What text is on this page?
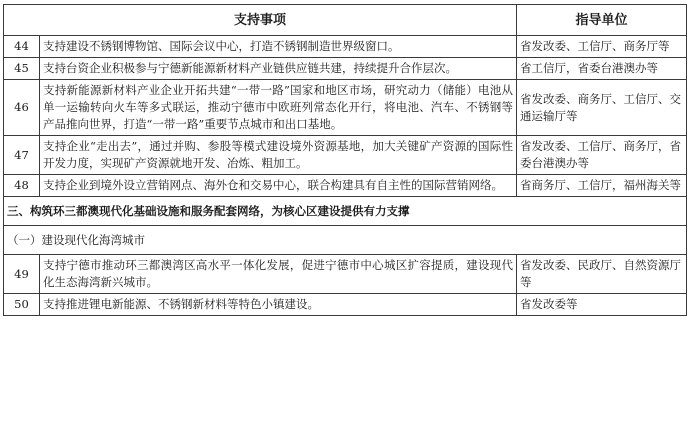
支持事项		指导单位
44	支持建设不锈钢博物馆、国际会议中心，打造不锈钢制造世界级窗口。	省发改委、工信厅、商务厅等
45	支持台资企业积极参与宁德新能源新材料产业链供应链共建，持续提升合作层次。	省工信厅，省委台港澳办等
46	支持新能源新材料产业企业开拓共建“一带一路”国家和地区市场，研究动力（储能）电池从单一运输转向火车等多式联运，推动宁德市中欧班列常态化开行，将电池、汽车、不锈钢等产品推向世界，打造“一带一路”重要节点城市和出口基地。	省发改委、商务厅、工信厅、交通运输厅等
47	支持企业“走出去”，通过并购、参股等模式建设境外资源基地，加大关键矿产资源的国际性开发力度，实现矿产资源就地开发、冶炼、粗加工。	省发改委、工信厅、商务厅，省委台港澳办等
48	支持企业到境外设立营销网点、海外仓和交易中心，联合构建具有自主性的国际营销网络。	省商务厅、工信厅，福州海关等
三、构筑环三都澳现代化基础设施和服务配套网络，为核心区建设提供有力支撑		
（一）建设现代化海湾城市		
49	支持宁德市推动环三都澳湾区高水平一体化发展，促进宁德市中心城区扩容提质，建设现代化生态海湾新兴城市。	省发改委、民政厅、自然资源厅等
50	支持推进锂电新能源、不锈钢新材料等特色小镇建设。	省发改委等
